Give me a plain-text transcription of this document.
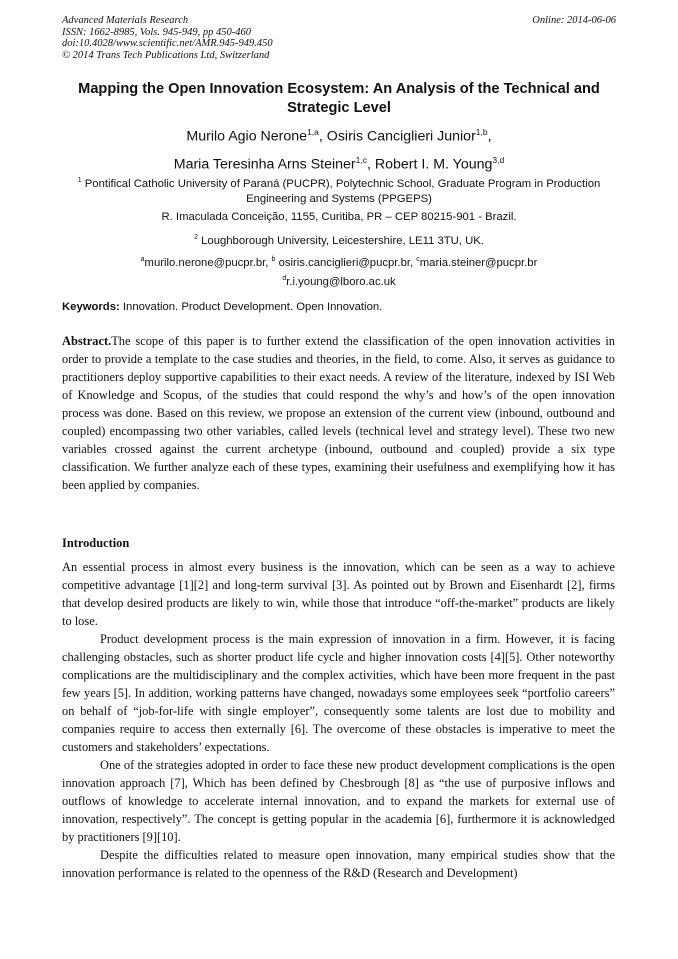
Advanced Materials Research
ISSN: 1662-8985, Vols. 945-949, pp 450-460
doi:10.4028/www.scientific.net/AMR.945-949.450
© 2014 Trans Tech Publications Ltd, Switzerland
Online: 2014-06-06
Mapping the Open Innovation Ecosystem: An Analysis of the Technical and Strategic Level
Murilo Agio Nerone$^{1,a}$, Osiris Canciglieri Junior$^{1,b}$,
Maria Teresinha Arns Steiner$^{1,c}$, Robert I. M. Young$^{3,d}$
$^1$ Pontifical Catholic University of Paraná (PUCPR), Polytechnic School, Graduate Program in Production Engineering and Systems (PPGEPS)
R. Imaculada Conceição, 1155, Curitiba, PR – CEP 80215-901 - Brazil.
$^2$ Loughborough University, Leicestershire, LE11 3TU, UK.
$^a$murilo.nerone@pucpr.br, $^b$ osiris.canciglieri@pucpr.br, $^c$maria.steiner@pucpr.br
$^d$r.i.young@lboro.ac.uk
Keywords: Innovation. Product Development. Open Innovation.

Abstract.The scope of this paper is to further extend the classification of the open innovation activities in order to provide a template to the case studies and theories, in the field, to come. Also, it serves as guidance to practitioners deploy supportive capabilities to their exact needs. A review of the literature, indexed by ISI Web of Knowledge and Scopus, of the studies that could respond the why’s and how’s of the open innovation process was done. Based on this review, we propose an extension of the current view (inbound, outbound and coupled) encompassing two other variables, called levels (technical level and strategy level). These two new variables crossed against the current archetype (inbound, outbound and coupled) provide a six type classification. We further analyze each of these types, examining their usefulness and exemplifying how it has been applied by companies.

Introduction

An essential process in almost every business is the innovation, which can be seen as a way to achieve competitive advantage [1][2] and long-term survival [3]. As pointed out by Brown and Eisenhardt [2], firms that develop desired products are likely to win, while those that introduce “off-the-market” products are likely to lose.

Product development process is the main expression of innovation in a firm. However, it is facing challenging obstacles, such as shorter product life cycle and higher innovation costs [4][5]. Other noteworthy complications are the multidisciplinary and the complex activities, which have been more frequent in the past few years [5]. In addition, working patterns have changed, nowadays some employees seek “portfolio careers” on behalf of “job-for-life with single employer”, consequently some talents are lost due to mobility and companies require to access then externally [6]. The overcome of these obstacles is imperative to meet the customers and stakeholders’ expectations.

One of the strategies adopted in order to face these new product development complications is the open innovation approach [7], Which has been defined by Chesbrough [8] as “the use of purposive inflows and outflows of knowledge to accelerate internal innovation, and to expand the markets for external use of innovation, respectively”. The concept is getting popular in the academia [6], furthermore it is acknowledged by practitioners [9][10].

Despite the difficulties related to measure open innovation, many empirical studies show that the innovation performance is related to the openness of the R&D (Research and Development)
